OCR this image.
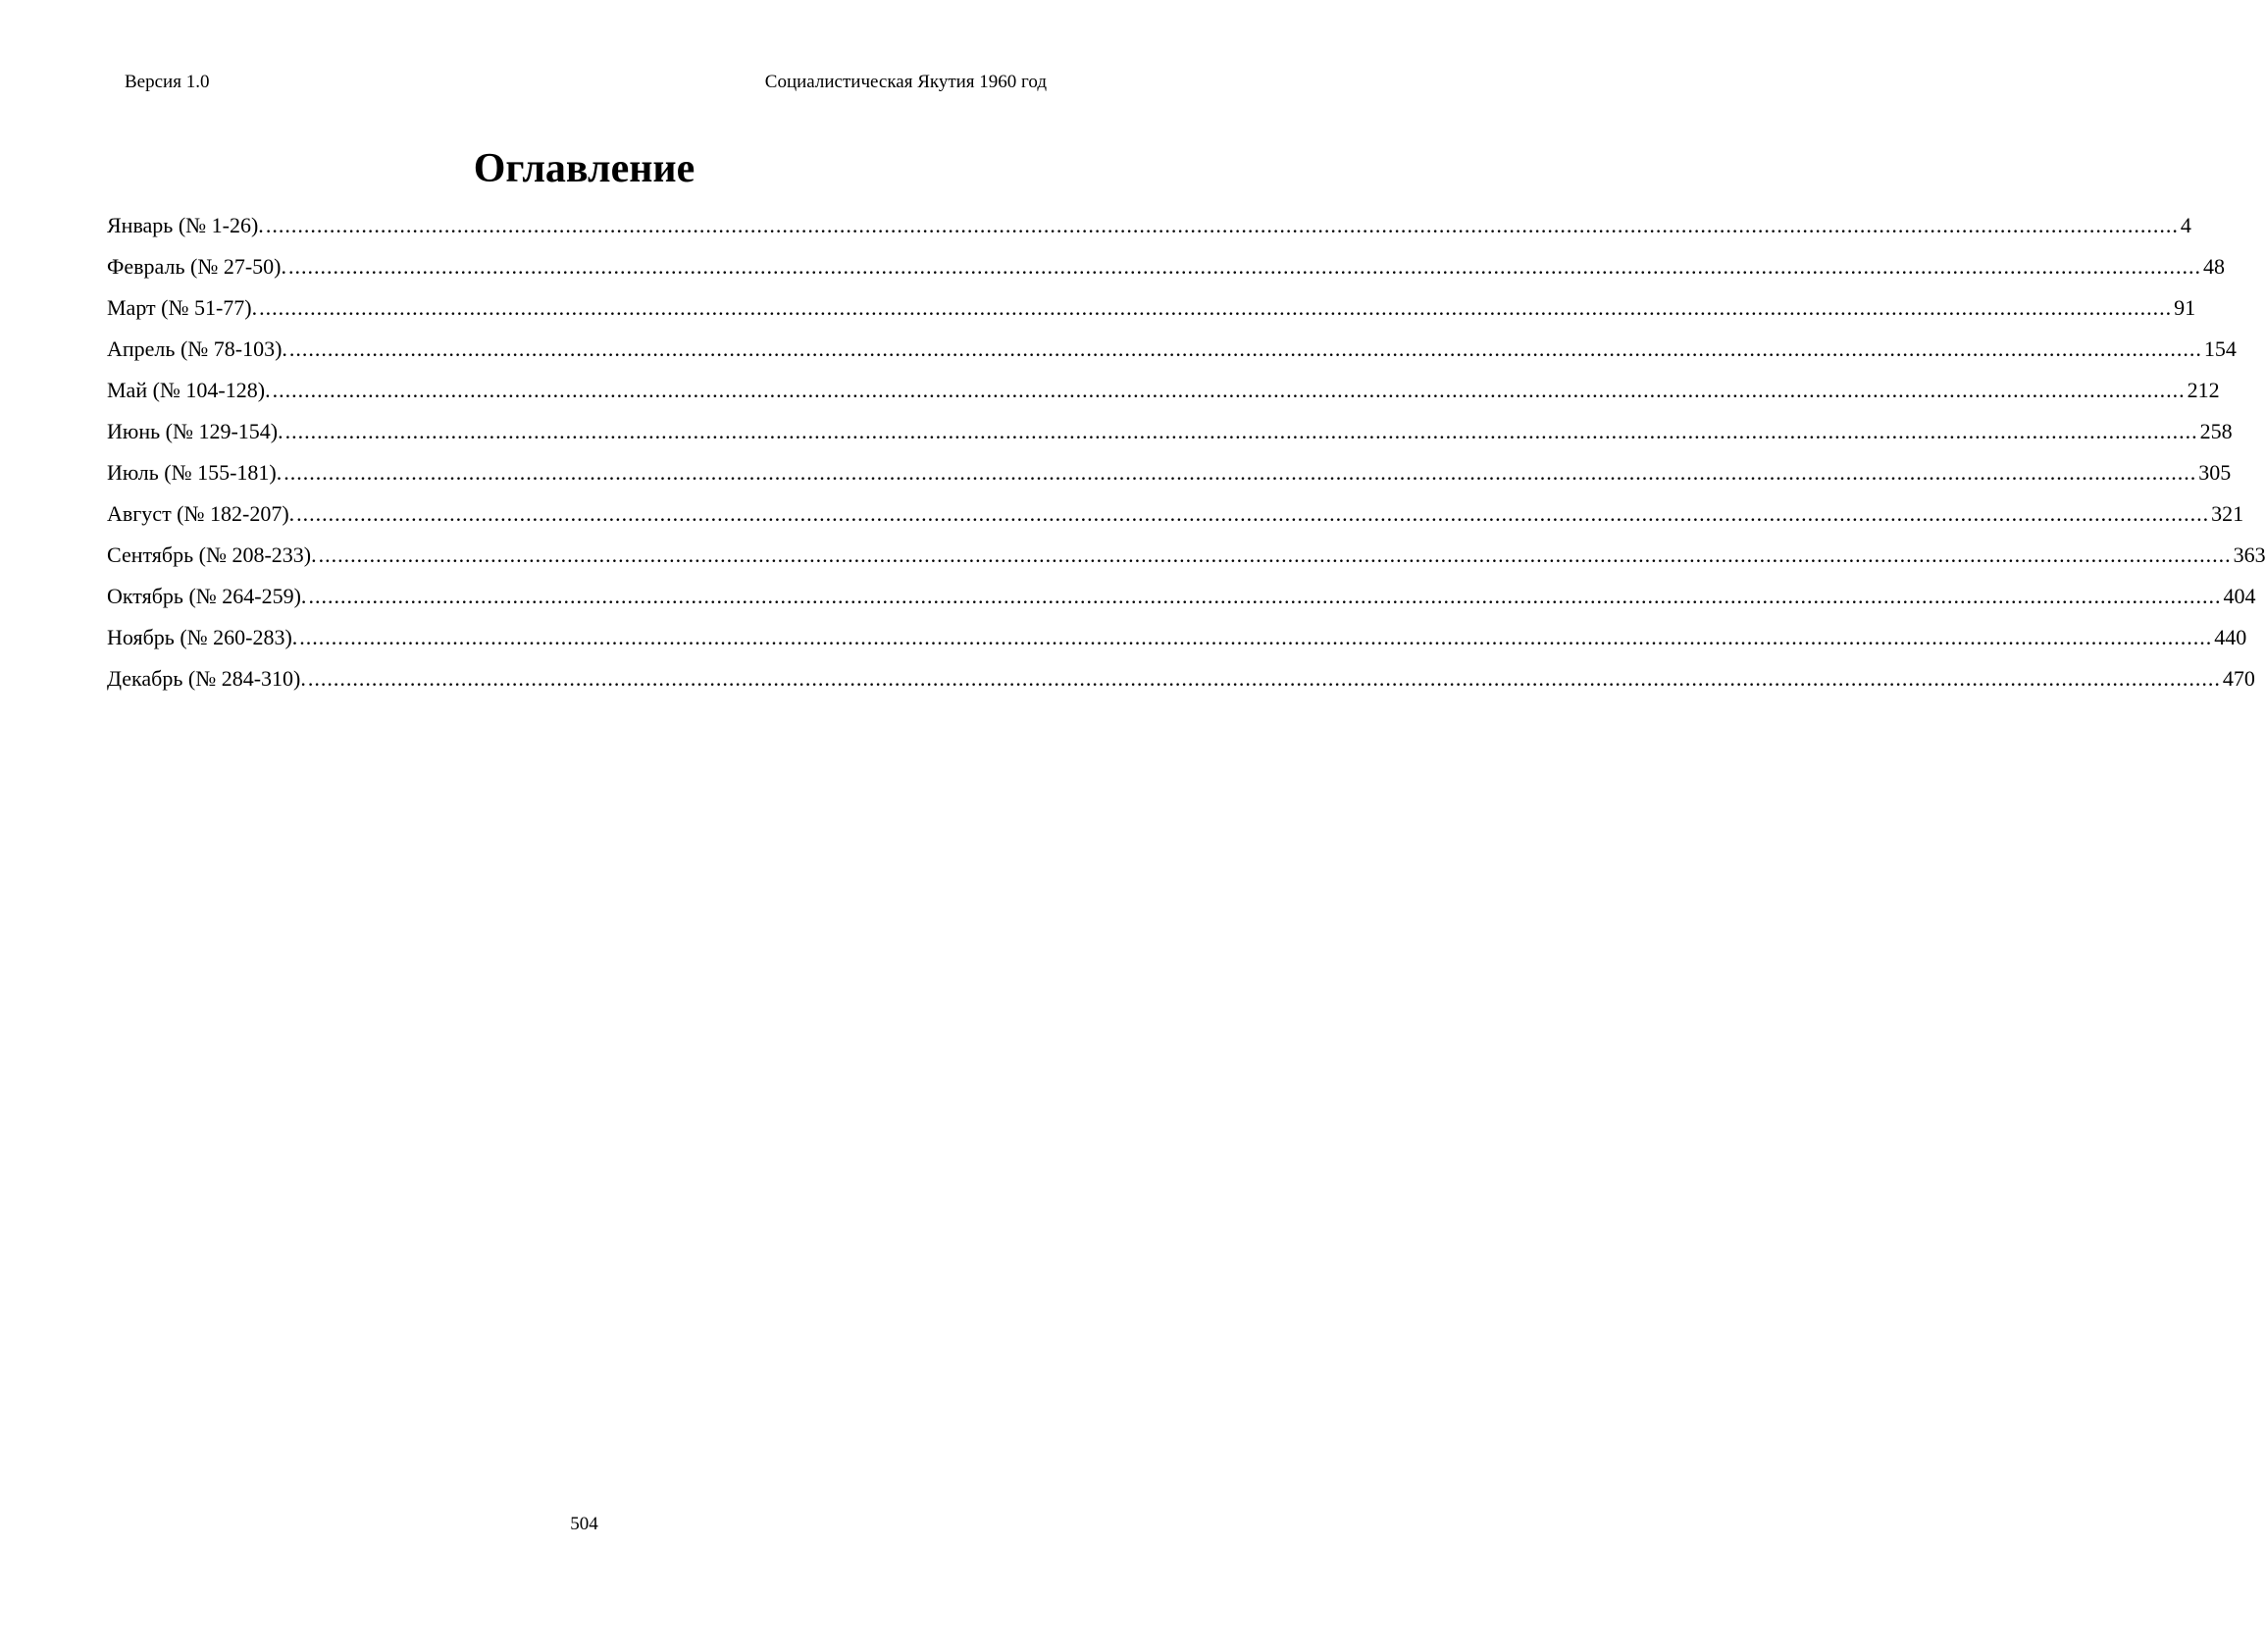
Версия 1.0	Социалистическая Якутия 1960 год
Оглавление
Январь (№ 1-26). ............................................................................................................................................................................................................................................................................................................ 4
Февраль (№ 27-50). ............................................................................................................................................................................................................................................................................................................ 48
Март (№ 51-77). ............................................................................................................................................................................................................................................................................................................ 91
Апрель (№ 78-103). ............................................................................................................................................................................................................................................................................................................ 154
Май (№ 104-128). ............................................................................................................................................................................................................................................................................................................ 212
Июнь (№ 129-154). ............................................................................................................................................................................................................................................................................................................ 258
Июль (№ 155-181). ............................................................................................................................................................................................................................................................................................................ 305
Август (№ 182-207). ............................................................................................................................................................................................................................................................................................................ 321
Сентябрь (№ 208-233). ............................................................................................................................................................................................................................................................................................................ 363
Октябрь (№ 264-259). ............................................................................................................................................................................................................................................................................................................ 404
Ноябрь (№ 260-283). ............................................................................................................................................................................................................................................................................................................ 440
Декабрь (№ 284-310). ............................................................................................................................................................................................................................................................................................................ 470
504
